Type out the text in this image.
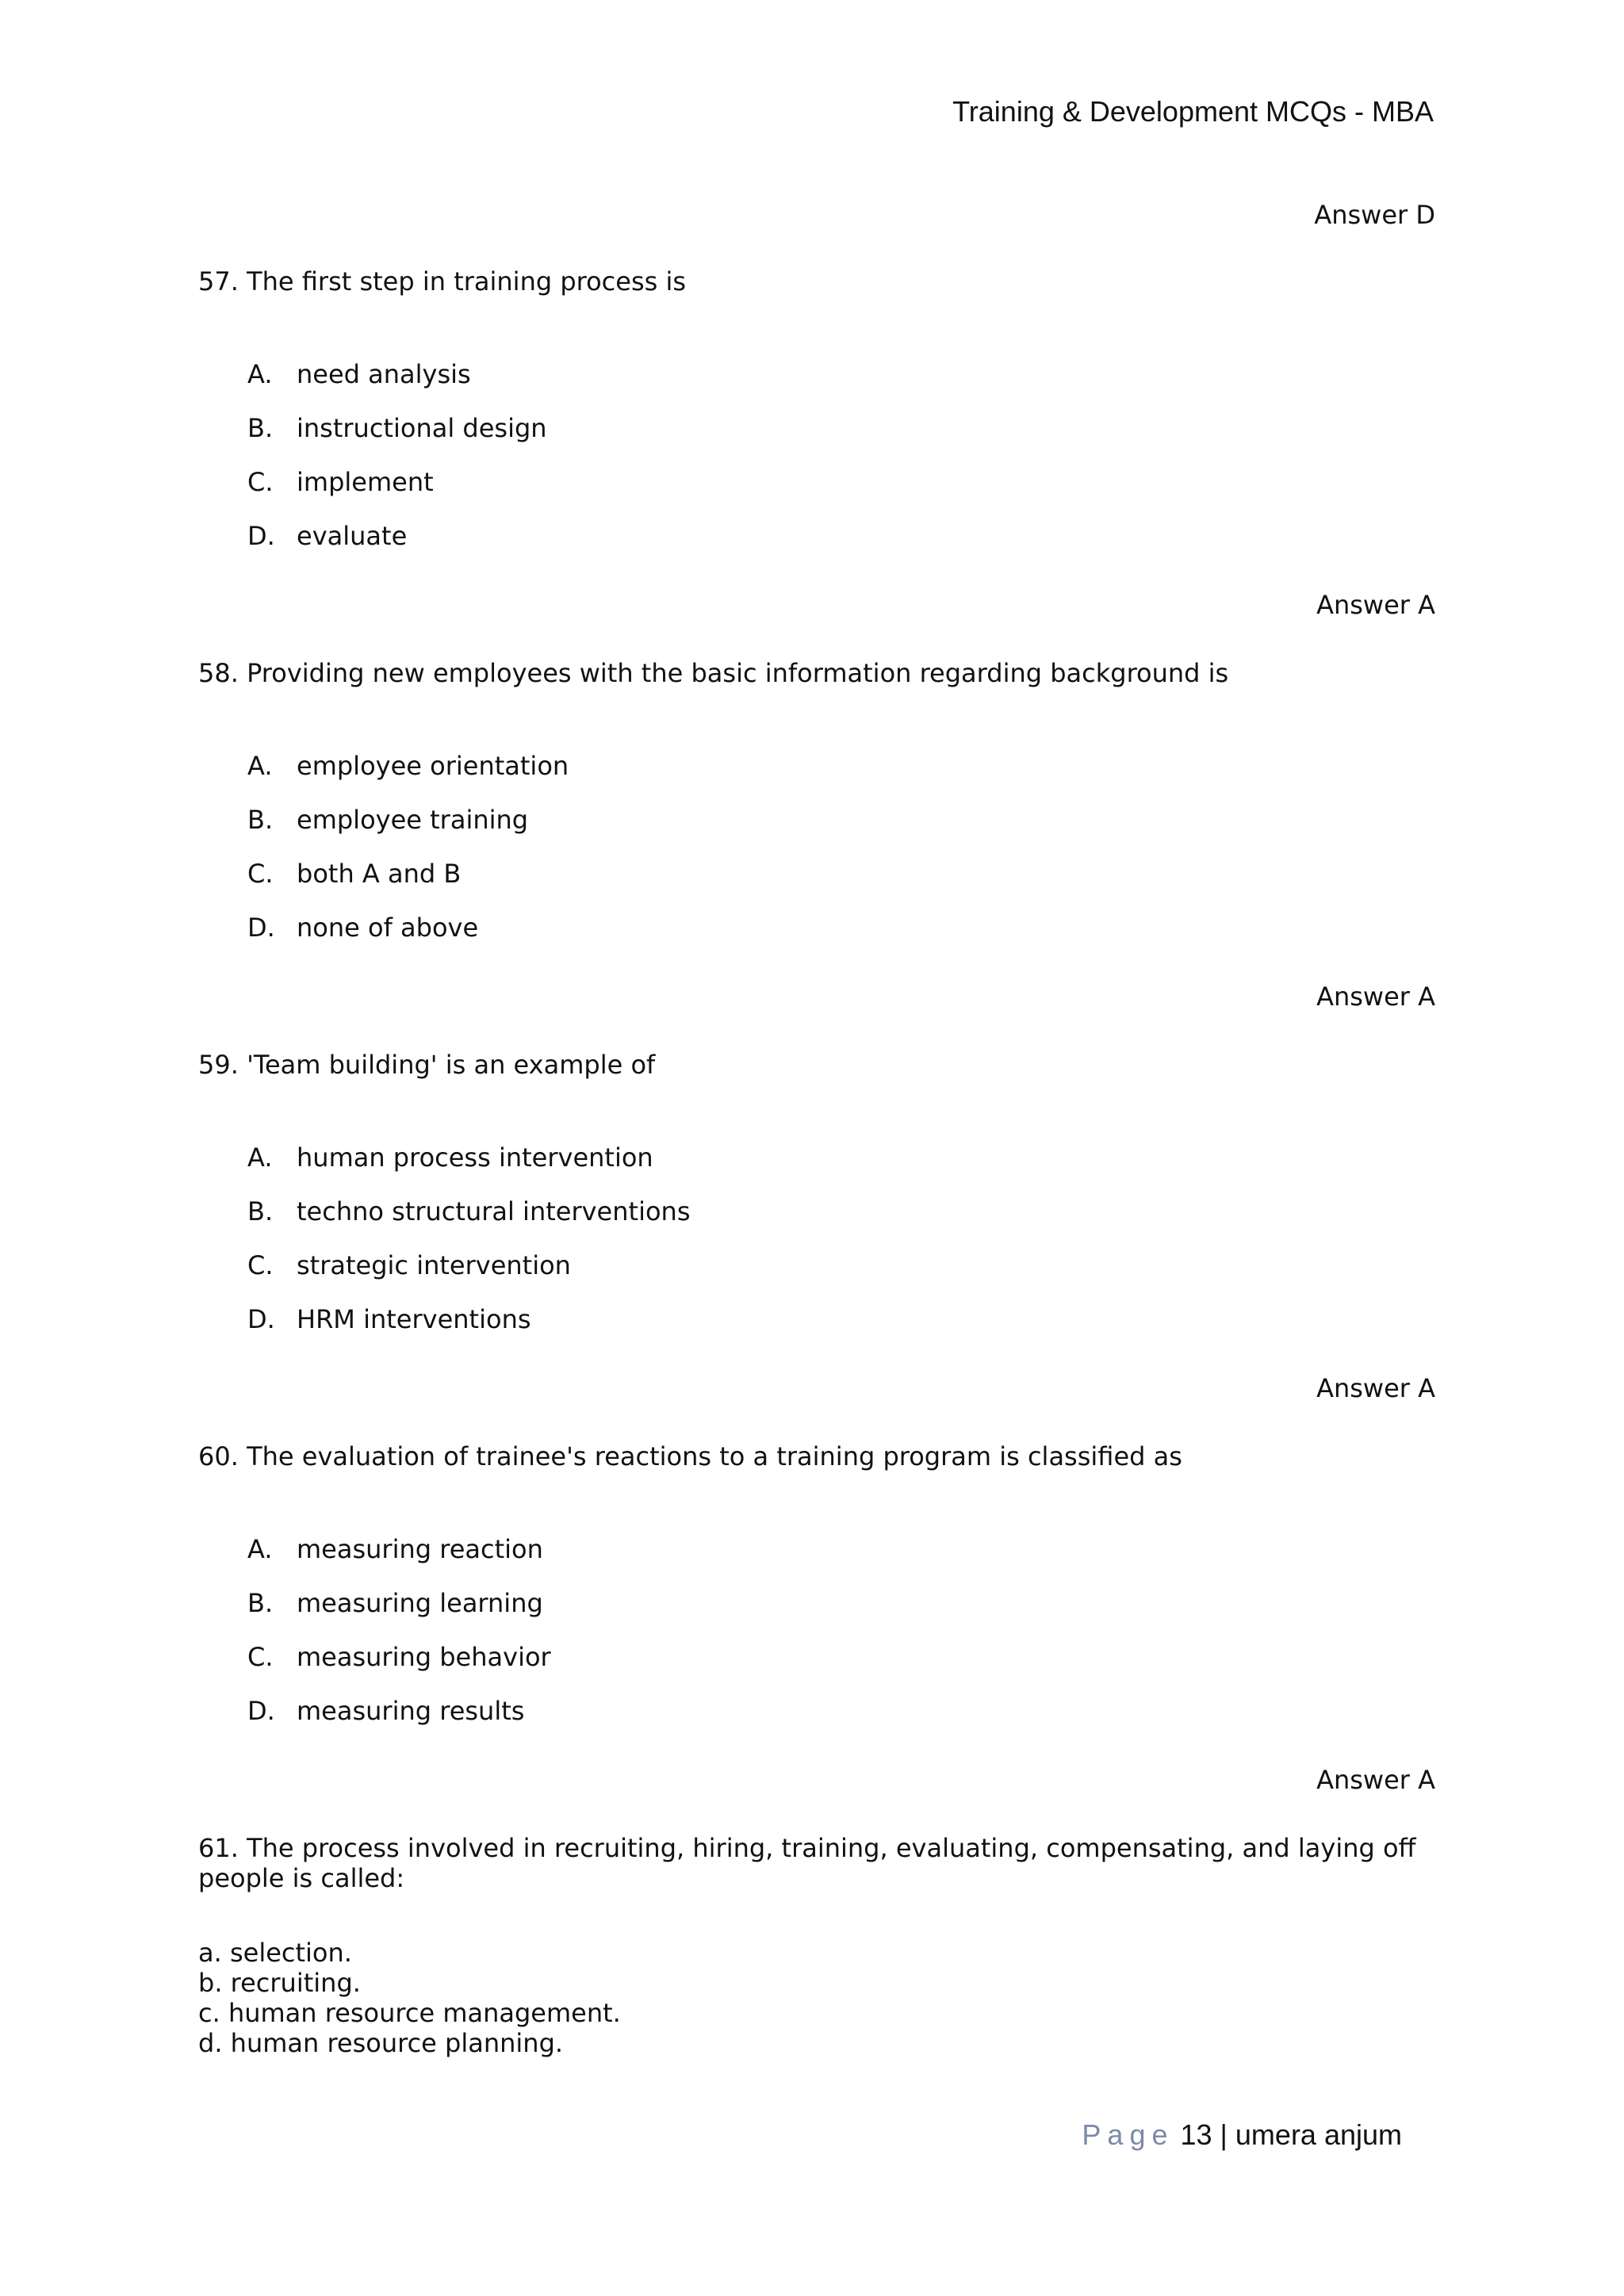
Training & Development MCQs - MBA
Answer D
57. The first step in training process is
A. need analysis
B. instructional design
C. implement
D. evaluate
Answer A
58. Providing new employees with the basic information regarding background is
A. employee orientation
B. employee training
C. both A and B
D. none of above
Answer A
59. 'Team building' is an example of
A. human process intervention
B. techno structural interventions
C. strategic intervention
D. HRM interventions
Answer A
60. The evaluation of trainee's reactions to a training program is classified as
A. measuring reaction
B. measuring learning
C. measuring behavior
D. measuring results
Answer A
61. The process involved in recruiting, hiring, training, evaluating, compensating, and laying off
people is called:
a. selection.
b. recruiting.
c. human resource management.
d. human resource planning.
Page 13 | umera anjum
